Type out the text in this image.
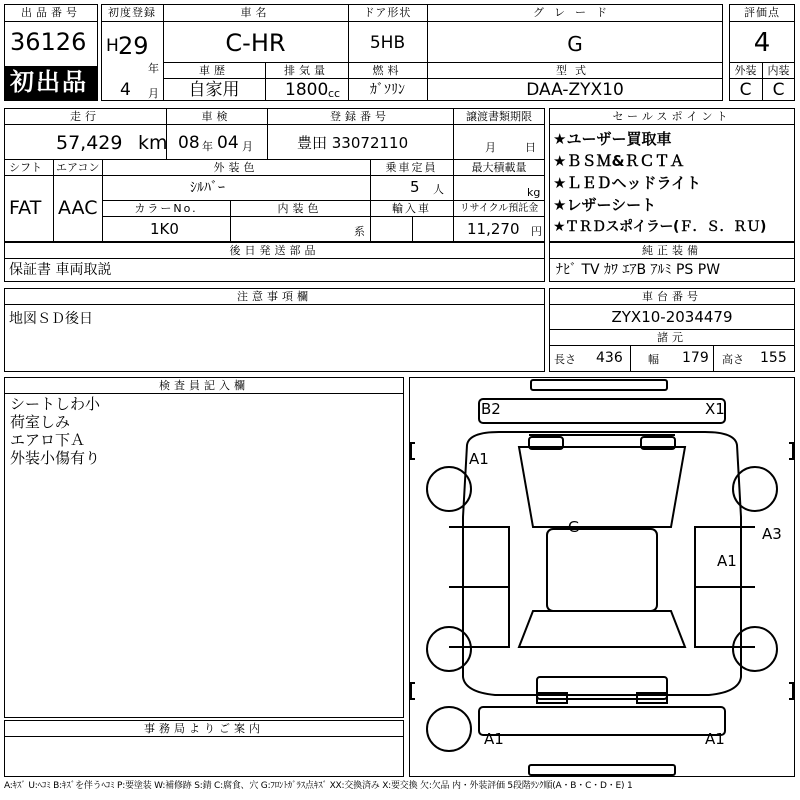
出品番号
36126
初出品
初度登録
H 29
年
4 月
車名
C-HR
ドア形状
5HB
グレード
G
車歴
自家用
排気量
1800 cc
燃料
ｶﾞｿﾘﾝ
型式
DAA-ZYX10
評価点
4
外装	内装
C	C
走行
57,429 km
車検
08 年 04 月
登録番号
豊田 33072110
譲渡書類期限
月	日
シフト
FAT
エアコン
AAC
外装色
ｼﾙﾊﾞｰ
乗車定員
5 人
最大積載量
kg
カラーNo.
1K0
内装色
系
輸入車	リサイクル預託金
11,270 円
セールスポイント
★ユーザー買取車
★ＢＳＭ&ＲＣＴＡ
★ＬＥＤヘッドライト
★レザーシート
★ＴＲＤスポイラー(Ｆ．Ｓ．ＲＵ)
後日発送部品
保証書 車両取説
純正装備
ﾅﾋﾞ TV ｶﾜ ｴｱB ｱﾙﾐ PS PW
注意事項欄
地図ＳＤ後日
車台番号
ZYX10-2034479
諸元
長さ 436 幅 179 高さ 155
検査員記入欄
シートしわ小
荷室しみ
エアロ下Ａ
外装小傷有り
事務局よりご案内
B2	X1
A1
G	A3
A1
A1	A1
A:ｷｽﾞ U:ﾍｺﾐ B:ｷｽﾞを伴うﾍｺﾐ P:要塗装 W:補修跡 S:錆 C:腐食、穴 G:ﾌﾛﾝﾄｶﾞﾗｽ点ｷｽﾞ XX:交換済み X:要交換 欠:欠品 内・外装評価 5段階ﾗﾝｸ順(A・B・C・D・E) 1
